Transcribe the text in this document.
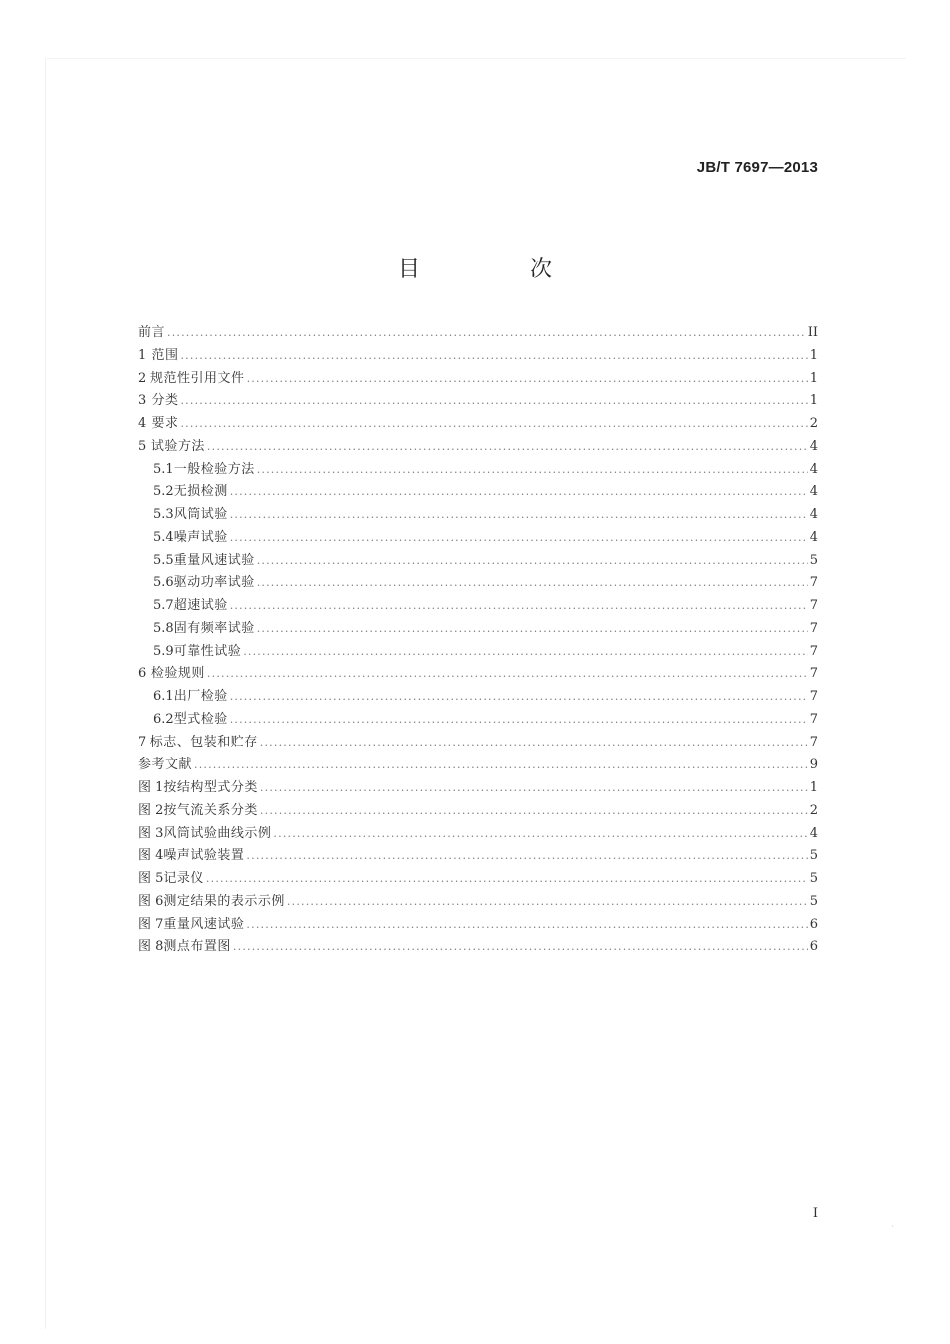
JB/T 7697—2013
目　次
前言 .....	II
1 范围 .....	1
2 规范性引用文件 .....	1
3 分类 .....	1
4 要求 .....	2
5 试验方法 .....	4
5.1 一般检验方法 .....	4
5.2 无损检测 .....	4
5.3 风筒试验 .....	4
5.4 噪声试验 .....	4
5.5 重量风速试验 .....	5
5.6 驱动功率试验 .....	7
5.7 超速试验 .....	7
5.8 固有频率试验 .....	7
5.9 可靠性试验 .....	7
6 检验规则 .....	7
6.1 出厂检验 .....	7
6.2 型式检验 .....	7
7 标志、包装和贮存 .....	7
参考文献 .....	9
图 1 按结构型式分类 .....	1
图 2 按气流关系分类 .....	2
图 3 风筒试验曲线示例 .....	4
图 4 噪声试验装置 .....	5
图 5 记录仪 .....	5
图 6 测定结果的表示示例 .....	5
图 7 重量风速试验 .....	6
图 8 测点布置图 .....	6
I
·
